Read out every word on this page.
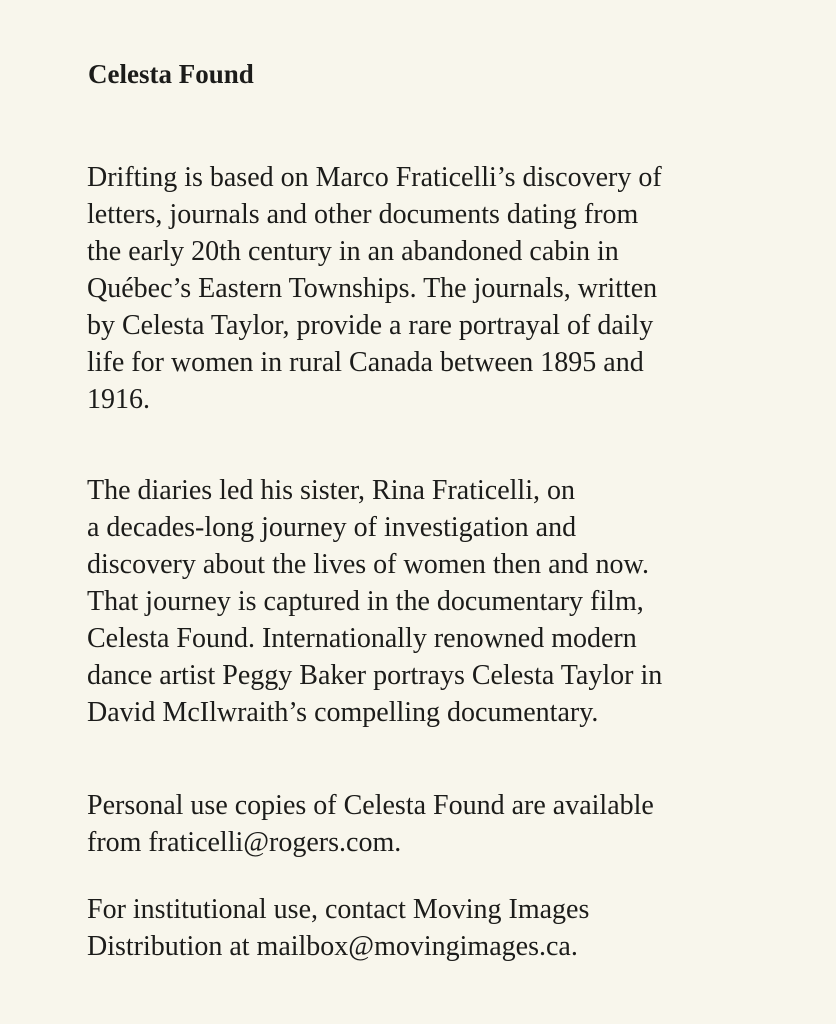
Celesta Found

Drifting is based on Marco Fraticelli’s discovery of
letters, journals and other documents dating from
the early 20th century in an abandoned cabin in
Québec’s Eastern Townships. The journals, written
by Celesta Taylor, provide a rare portrayal of daily
life for women in rural Canada between 1895 and
1916.

The diaries led his sister, Rina Fraticelli, on
a decades-long journey of investigation and
discovery about the lives of women then and now.
That journey is captured in the documentary film,
Celesta Found. Internationally renowned modern
dance artist Peggy Baker portrays Celesta Taylor in
David McIlwraith’s compelling documentary.

Personal use copies of Celesta Found are available
from fraticelli@rogers.com.

For institutional use, contact Moving Images
Distribution at mailbox@movingimages.ca.
